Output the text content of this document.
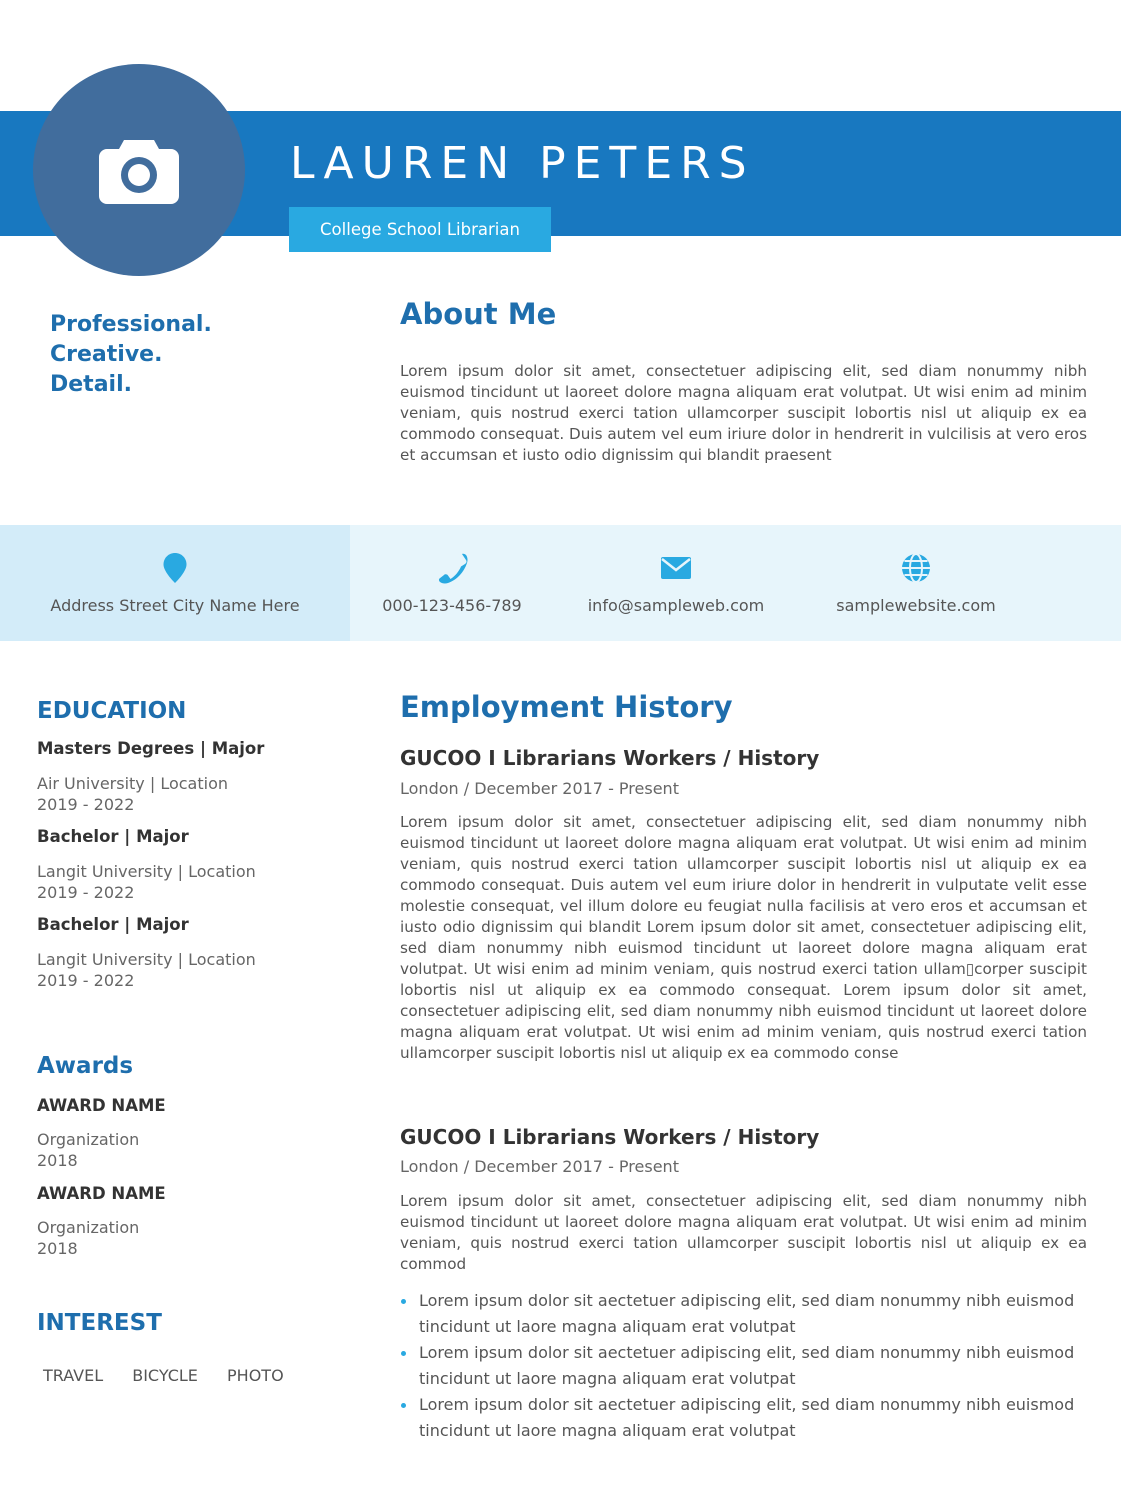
LAUREN PETERS
College School Librarian
Professional.
Creative.
Detail.
About Me
Lorem ipsum dolor sit amet, consectetuer adipiscing elit, sed diam nonummy nibh euismod tincidunt ut laoreet dolore magna aliquam erat volutpat. Ut wisi enim ad minim veniam, quis nostrud exerci tation ullamcorper suscipit lobortis nisl ut aliquip ex ea commodo consequat. Duis autem vel eum iriure dolor in hendrerit in vulcilisis at vero eros et accumsan et iusto odio dignissim qui blandit praesent
Address Street City Name Here	000-123-456-789	info@sampleweb.com	samplewebsite.com
EDUCATION
Masters Degrees | Major
Air University | Location
2019 - 2022
Bachelor | Major
Langit University | Location
2019 - 2022
Bachelor | Major
Langit University | Location
2019 - 2022
Awards
AWARD NAME
Organization
2018
AWARD NAME
Organization
2018
INTEREST
TRAVEL BICYCLE PHOTO
Employment History
GUCOO I Librarians Workers / History
London / December 2017 - Present
Lorem ipsum dolor sit amet, consectetuer adipiscing elit, sed diam nonummy nibh euismod tincidunt ut laoreet dolore magna aliquam erat volutpat. Ut wisi enim ad minim veniam, quis nostrud exerci tation ullamcorper suscipit lobortis nisl ut aliquip ex ea commodo consequat. Duis autem vel eum iriure dolor in hendrerit in vulputate velit esse molestie consequat, vel illum dolore eu feugiat nulla facilisis at vero eros et accumsan et iusto odio dignissim qui blandit Lorem ipsum dolor sit amet, consectetuer adipiscing elit, sed diam nonummy nibh euismod tincidunt ut laoreet dolore magna aliquam erat volutpat. Ut wisi enim ad minim veniam, quis nostrud exerci tation ullam▯corper suscipit lobortis nisl ut aliquip ex ea commodo consequat. Lorem ipsum dolor sit amet, consectetuer adipiscing elit, sed diam nonummy nibh euismod tincidunt ut laoreet dolore magna aliquam erat volutpat. Ut wisi enim ad minim veniam, quis nostrud exerci tation ullamcorper suscipit lobortis nisl ut aliquip ex ea commodo conse
GUCOO I Librarians Workers / History
London / December 2017 - Present
Lorem ipsum dolor sit amet, consectetuer adipiscing elit, sed diam nonummy nibh euismod tincidunt ut laoreet dolore magna aliquam erat volutpat. Ut wisi enim ad minim veniam, quis nostrud exerci tation ullamcorper suscipit lobortis nisl ut aliquip ex ea commod
Lorem ipsum dolor sit aectetuer adipiscing elit, sed diam nonummy nibh euismod tincidunt ut laore magna aliquam erat volutpat
Lorem ipsum dolor sit aectetuer adipiscing elit, sed diam nonummy nibh euismod tincidunt ut laore magna aliquam erat volutpat
Lorem ipsum dolor sit aectetuer adipiscing elit, sed diam nonummy nibh euismod tincidunt ut laore magna aliquam erat volutpat
